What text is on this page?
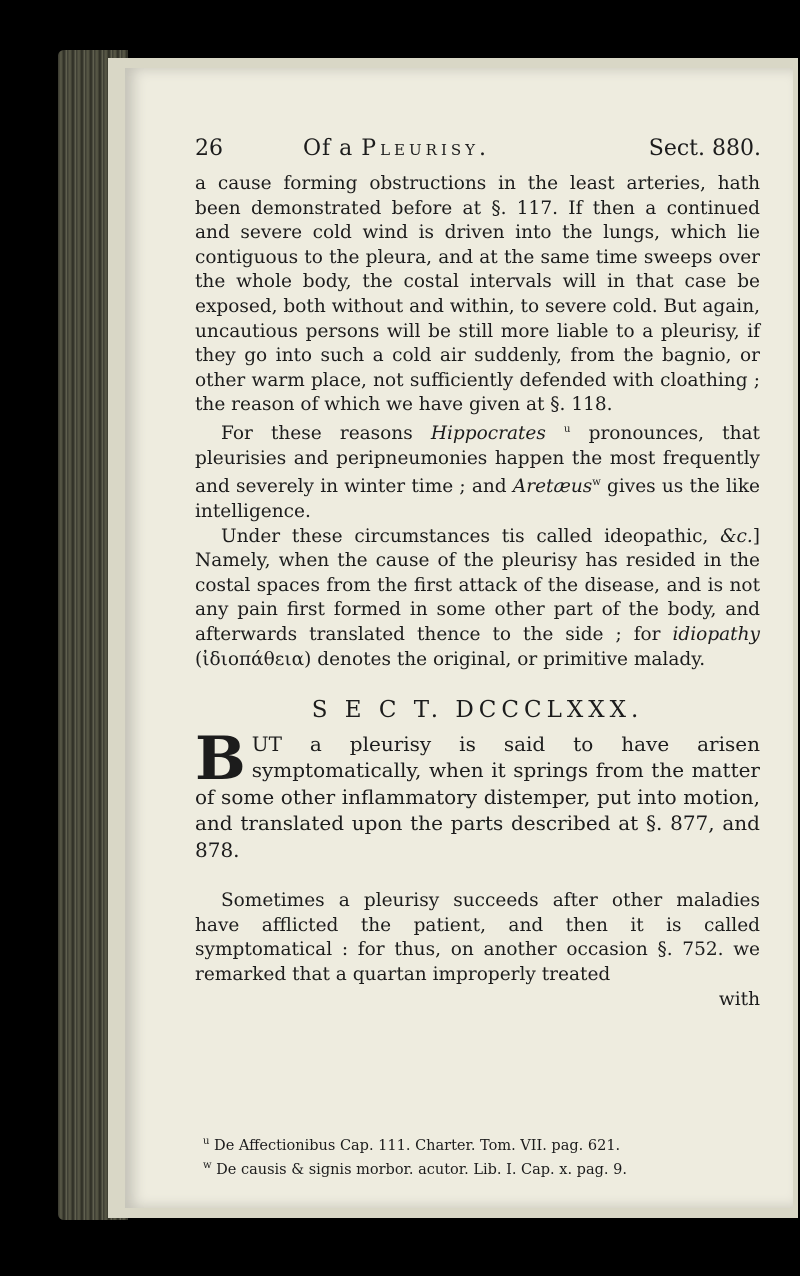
26	Of a Pleurisy.	Sect. 880.

a cause forming obstructions in the least arteries, hath been demonstrated before at §. 117. If then a continued and severe cold wind is driven into the lungs, which lie contiguous to the pleura, and at the same time sweeps over the whole body, the costal intervals will in that case be exposed, both without and within, to severe cold. But again, uncautious persons will be still more liable to a pleurisy, if they go into such a cold air suddenly, from the bagnio, or other warm place, not sufficiently defended with cloathing ; the reason of which we have given at §. 118.

For these reasons Hippocrates $^u$ pronounces, that pleurisies and peripneumonies happen the most frequently and severely in winter time ; and Aretæus$^w$ gives us the like intelligence.

Under these circumstances tis called ideopathic, &c.] Namely, when the cause of the pleurisy has resided in the costal spaces from the first attack of the disease, and is not any pain first formed in some other part of the body, and afterwards translated thence to the side ; for idiopathy (ἰδιοπάθεια) denotes the original, or primitive malady.

S E C T. DCCCLXXX.

BUT a pleurisy is said to have arisen symptomatically, when it springs from the matter of some other inflammatory distemper, put into motion, and translated upon the parts described at §. 877, and 878.

Sometimes a pleurisy succeeds after other maladies have afflicted the patient, and then it is called symptomatical : for thus, on another occasion §. 752. we remarked that a quartan improperly treated

with

$^u$ De Affectionibus Cap. 111. Charter. Tom. VII. pag. 621.

$^w$ De causis & signis morbor. acutor. Lib. I. Cap. x. pag. 9.
